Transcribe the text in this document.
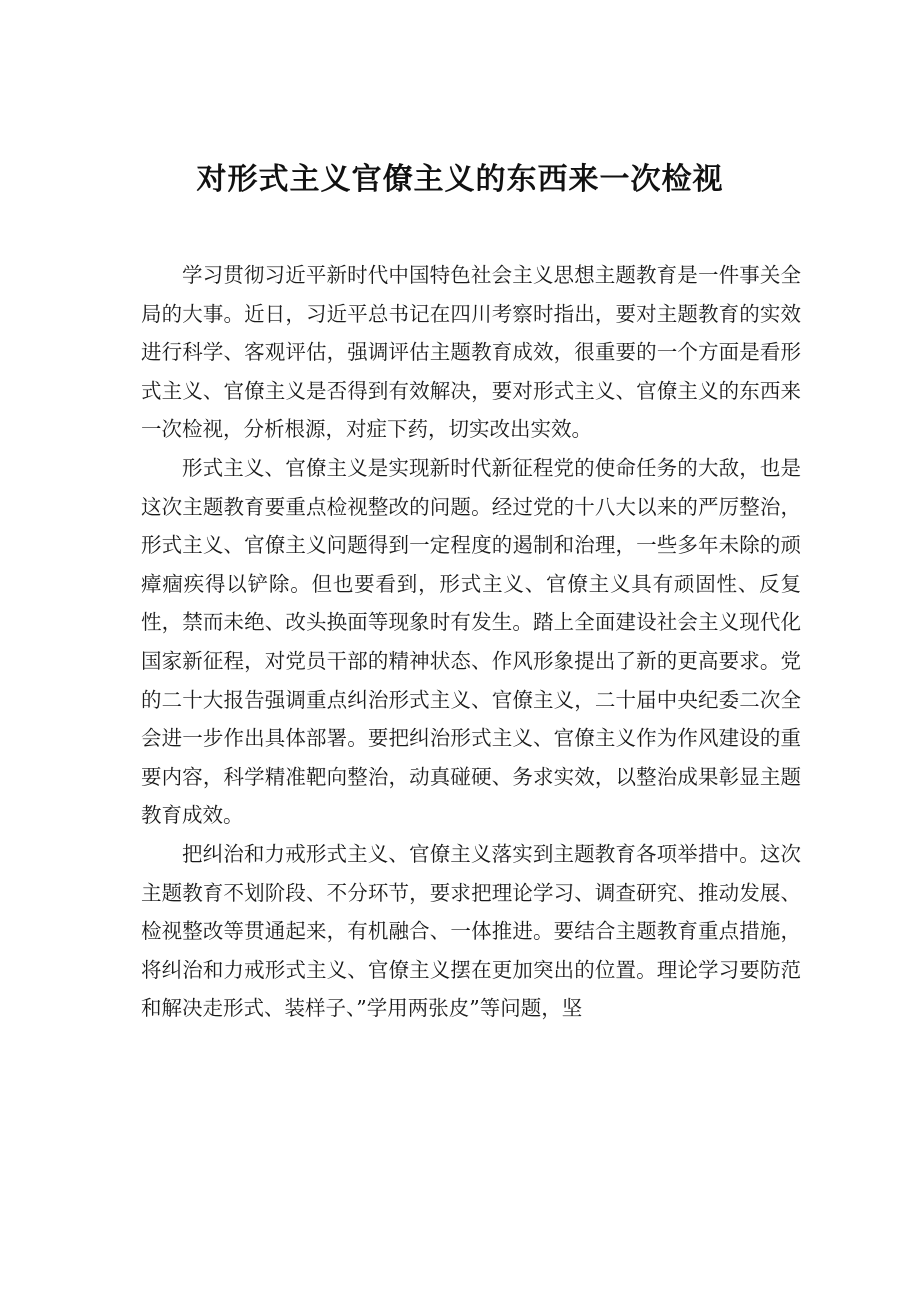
对形式主义官僚主义的东西来一次检视

学习贯彻习近平新时代中国特色社会主义思想主题教育是一件事关全局的大事。近日，习近平总书记在四川考察时指出，要对主题教育的实效进行科学、客观评估，强调评估主题教育成效，很重要的一个方面是看形式主义、官僚主义是否得到有效解决，要对形式主义、官僚主义的东西来一次检视，分析根源，对症下药，切实改出实效。

形式主义、官僚主义是实现新时代新征程党的使命任务的大敌，也是这次主题教育要重点检视整改的问题。经过党的十八大以来的严厉整治，形式主义、官僚主义问题得到一定程度的遏制和治理，一些多年未除的顽瘴痼疾得以铲除。但也要看到，形式主义、官僚主义具有顽固性、反复性，禁而未绝、改头换面等现象时有发生。踏上全面建设社会主义现代化国家新征程，对党员干部的精神状态、作风形象提出了新的更高要求。党的二十大报告强调重点纠治形式主义、官僚主义，二十届中央纪委二次全会进一步作出具体部署。要把纠治形式主义、官僚主义作为作风建设的重要内容，科学精准靶向整治，动真碰硬、务求实效，以整治成果彰显主题教育成效。

把纠治和力戒形式主义、官僚主义落实到主题教育各项举措中。这次主题教育不划阶段、不分环节，要求把理论学习、调查研究、推动发展、检视整改等贯通起来，有机融合、一体推进。要结合主题教育重点措施，将纠治和力戒形式主义、官僚主义摆在更加突出的位置。理论学习要防范和解决走形式、装样子、”学用两张皮”等问题，坚
